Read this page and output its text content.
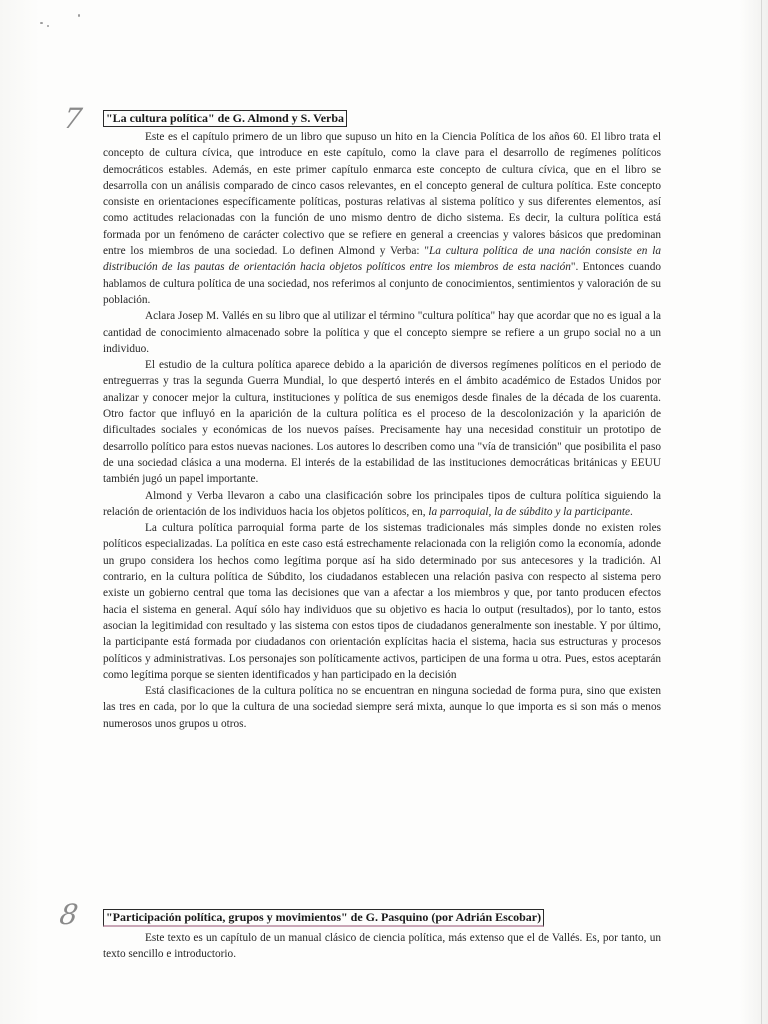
7 "La cultura política" de G. Almond y S. Verba

Este es el capítulo primero de un libro que supuso un hito en la Ciencia Política de los años 60. El libro trata el concepto de cultura cívica, que introduce en este capítulo, como la clave para el desarrollo de regímenes políticos democráticos estables. Además, en este primer capítulo enmarca este concepto de cultura cívica, que en el libro se desarrolla con un análisis comparado de cinco casos relevantes, en el concepto general de cultura política. Este concepto consiste en orientaciones específicamente políticas, posturas relativas al sistema político y sus diferentes elementos, así como actitudes relacionadas con la función de uno mismo dentro de dicho sistema. Es decir, la cultura política está formada por un fenómeno de carácter colectivo que se refiere en general a creencias y valores básicos que predominan entre los miembros de una sociedad. Lo definen Almond y Verba: "La cultura política de una nación consiste en la distribución de las pautas de orientación hacia objetos políticos entre los miembros de esta nación". Entonces cuando hablamos de cultura política de una sociedad, nos referimos al conjunto de conocimientos, sentimientos y valoración de su población.

Aclara Josep M. Vallés en su libro que al utilizar el término "cultura política" hay que acordar que no es igual a la cantidad de conocimiento almacenado sobre la política y que el concepto siempre se refiere a un grupo social no a un individuo.

El estudio de la cultura política aparece debido a la aparición de diversos regímenes políticos en el periodo de entreguerras y tras la segunda Guerra Mundial, lo que despertó interés en el ámbito académico de Estados Unidos por analizar y conocer mejor la cultura, instituciones y política de sus enemigos desde finales de la década de los cuarenta. Otro factor que influyó en la aparición de la cultura política es el proceso de la descolonización y la aparición de dificultades sociales y económicas de los nuevos países. Precisamente hay una necesidad constituir un prototipo de desarrollo político para estos nuevas naciones. Los autores lo describen como una "vía de transición" que posibilita el paso de una sociedad clásica a una moderna. El interés de la estabilidad de las instituciones democráticas británicas y EEUU también jugó un papel importante.

Almond y Verba llevaron a cabo una clasificación sobre los principales tipos de cultura política siguiendo la relación de orientación de los individuos hacia los objetos políticos, en, la parroquial, la de súbdito y la participante.

La cultura política parroquial forma parte de los sistemas tradicionales más simples donde no existen roles políticos especializadas. La política en este caso está estrechamente relacionada con la religión como la economía, adonde un grupo considera los hechos como legítima porque así ha sido determinado por sus antecesores y la tradición. Al contrario, en la cultura política de Súbdito, los ciudadanos establecen una relación pasiva con respecto al sistema pero existe un gobierno central que toma las decisiones que van a afectar a los miembros y que, por tanto producen efectos hacia el sistema en general. Aquí sólo hay individuos que su objetivo es hacia lo output (resultados), por lo tanto, estos asocian la legitimidad con resultado y las sistema con estos tipos de ciudadanos generalmente son inestable. Y por último, la participante está formada por ciudadanos con orientación explícitas hacia el sistema, hacia sus estructuras y procesos políticos y administrativas. Los personajes son políticamente activos, participen de una forma u otra. Pues, estos aceptarán como legítima porque se sienten identificados y han participado en la decisión

Está clasificaciones de la cultura política no se encuentran en ninguna sociedad de forma pura, sino que existen las tres en cada, por lo que la cultura de una sociedad siempre será mixta, aunque lo que importa es si son más o menos numerosos unos grupos u otros.

8 "Participación política, grupos y movimientos" de G. Pasquino (por Adrián Escobar)

Este texto es un capítulo de un manual clásico de ciencia política, más extenso que el de Vallés. Es, por tanto, un texto sencillo e introductorio.
